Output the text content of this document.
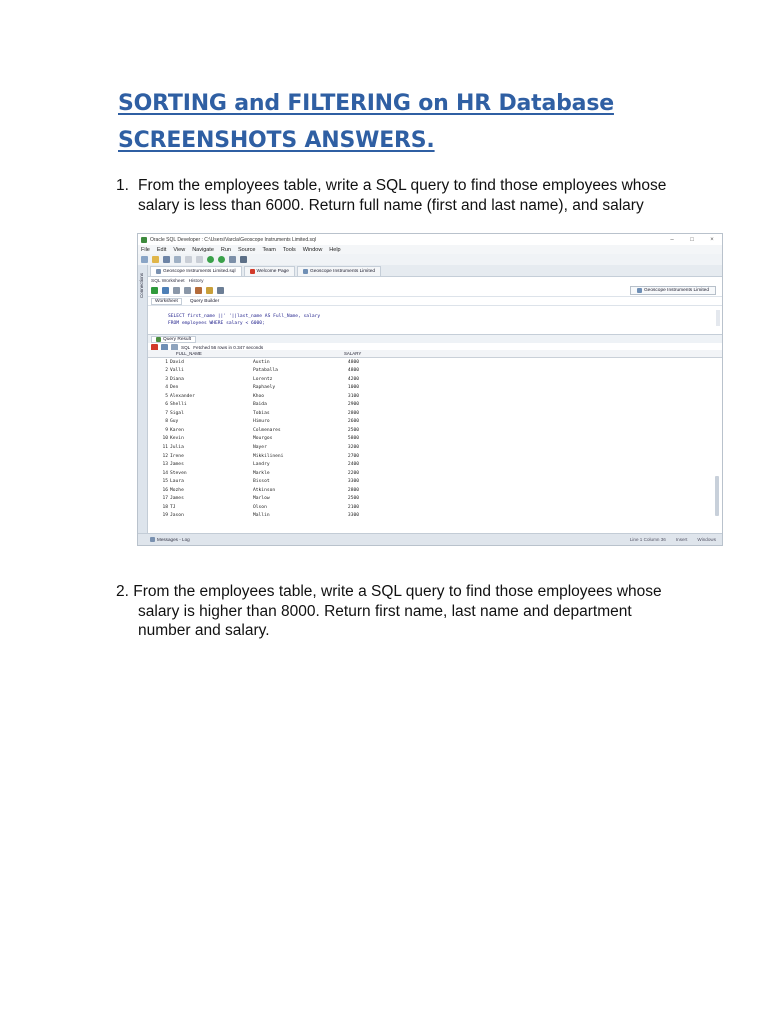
SORTING and FILTERING on HR Database
SCREENSHOTS ANSWERS.
1. From the employees table, write a SQL query to find those employees whose salary is less than 6000. Return full name (first and last name), and salary
Oracle SQL Developer : C:\Users\Varcla\Geoscope Instruments Limited.sql	–	□	×
File Edit View Navigate Run Source Team Tools Window Help
Connections
Geoscope Instruments Limited.sql	Welcome Page	Geoscope Instruments Limited
SQL Worksheet History
Geoscope Instruments Limited
Worksheet	Query Builder
SELECT first_name ||' '||last_name AS Full_Name, salary
FROM employees WHERE salary < 6000;
Query Result
SQL Fetched 56 rows in 0.347 seconds
FULL_NAME	SALARY
1 David	Austin	4800
2 Valli	Pataballa	4800
3 Diana	Lorentz	4200
4 Den	Raphaely	1000
5 Alexander	Khoo	3100
6 Shelli	Baida	2900
7 Sigal	Tobias	2800
8 Guy	Himuro	2600
9 Karen	Colmenares	2500
10 Kevin	Mourgos	5800
11 Julia	Nayer	3200
12 Irene	Mikkilineni	2700
13 James	Landry	2400
14 Steven	Markle	2200
15 Laura	Bissot	3300
16 Mozhe	Atkinson	2800
17 James	Marlow	2500
18 TJ	Olson	2100
19 Jason	Mallin	3300
Messages - Log	Line 1 Column 36 Insert Windows
2. From the employees table, write a SQL query to find those employees whose salary is higher than 8000. Return first name, last name and department number and salary.
